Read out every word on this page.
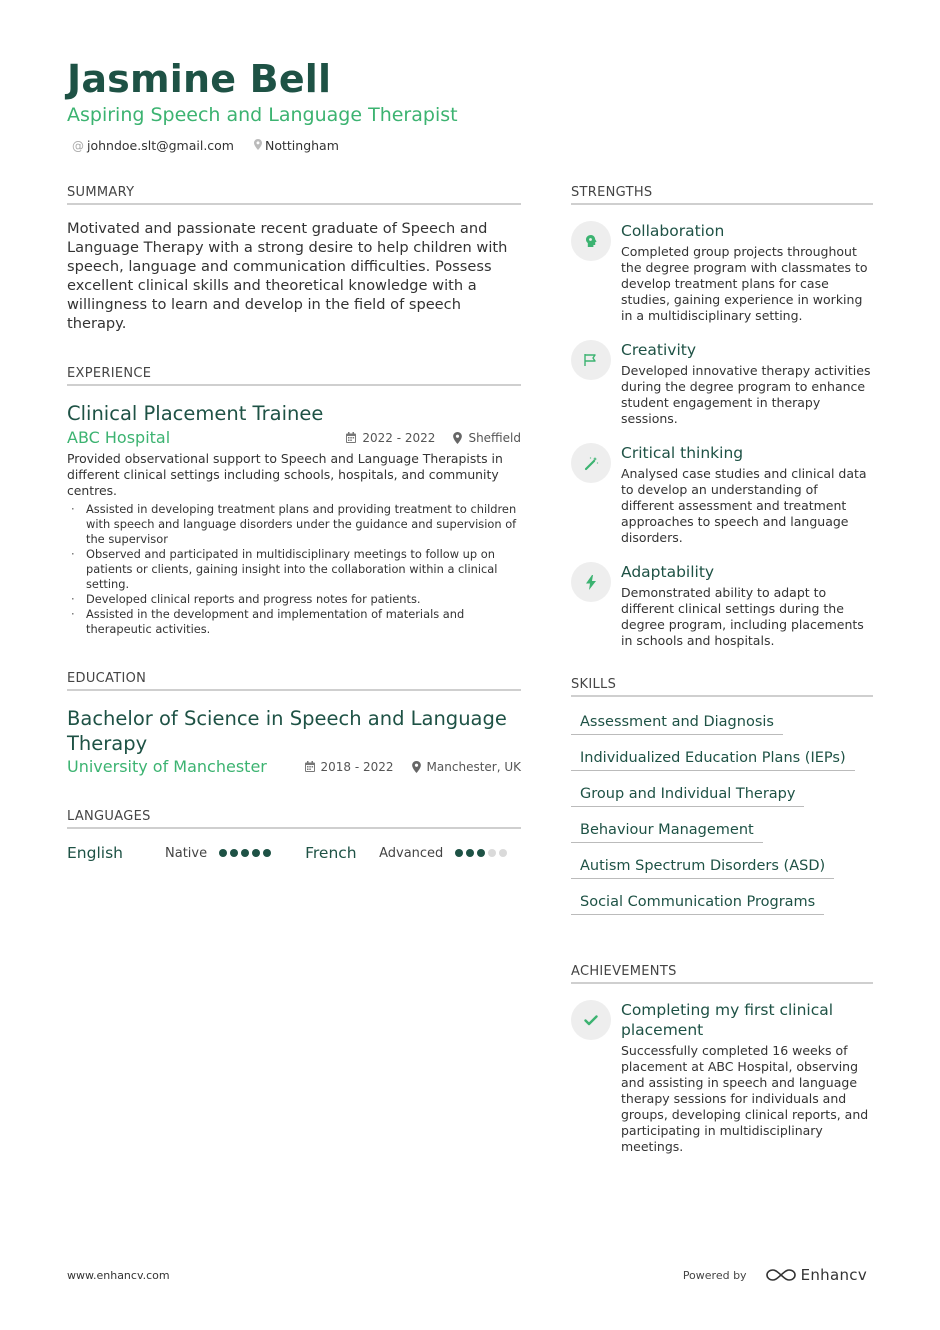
Jasmine Bell
Aspiring Speech and Language Therapist
@ johndoe.slt@gmail.com Nottingham
SUMMARY
Motivated and passionate recent graduate of Speech and Language Therapy with a strong desire to help children with speech, language and communication difficulties. Possess excellent clinical skills and theoretical knowledge with a willingness to learn and develop in the field of speech therapy.
EXPERIENCE
Clinical Placement Trainee
ABC Hospital	2022 - 2022	Sheffield
Provided observational support to Speech and Language Therapists in different clinical settings including schools, hospitals, and community centres.
· Assisted in developing treatment plans and providing treatment to children with speech and language disorders under the guidance and supervision of the supervisor
· Observed and participated in multidisciplinary meetings to follow up on patients or clients, gaining insight into the collaboration within a clinical setting.
· Developed clinical reports and progress notes for patients.
· Assisted in the development and implementation of materials and therapeutic activities.
EDUCATION
Bachelor of Science in Speech and Language Therapy
University of Manchester	2018 - 2022	Manchester, UK
LANGUAGES
English	Native	French	Advanced
STRENGTHS
Collaboration
Completed group projects throughout the degree program with classmates to develop treatment plans for case studies, gaining experience in working in a multidisciplinary setting.
Creativity
Developed innovative therapy activities during the degree program to enhance student engagement in therapy sessions.
Critical thinking
Analysed case studies and clinical data to develop an understanding of different assessment and treatment approaches to speech and language disorders.
Adaptability
Demonstrated ability to adapt to different clinical settings during the degree program, including placements in schools and hospitals.
SKILLS
Assessment and Diagnosis
Individualized Education Plans (IEPs)
Group and Individual Therapy
Behaviour Management
Autism Spectrum Disorders (ASD)
Social Communication Programs
ACHIEVEMENTS
Completing my first clinical placement
Successfully completed 16 weeks of placement at ABC Hospital, observing and assisting in speech and language therapy sessions for individuals and groups, developing clinical reports, and participating in multidisciplinary meetings.
www.enhancv.com	Powered by	Enhancv
